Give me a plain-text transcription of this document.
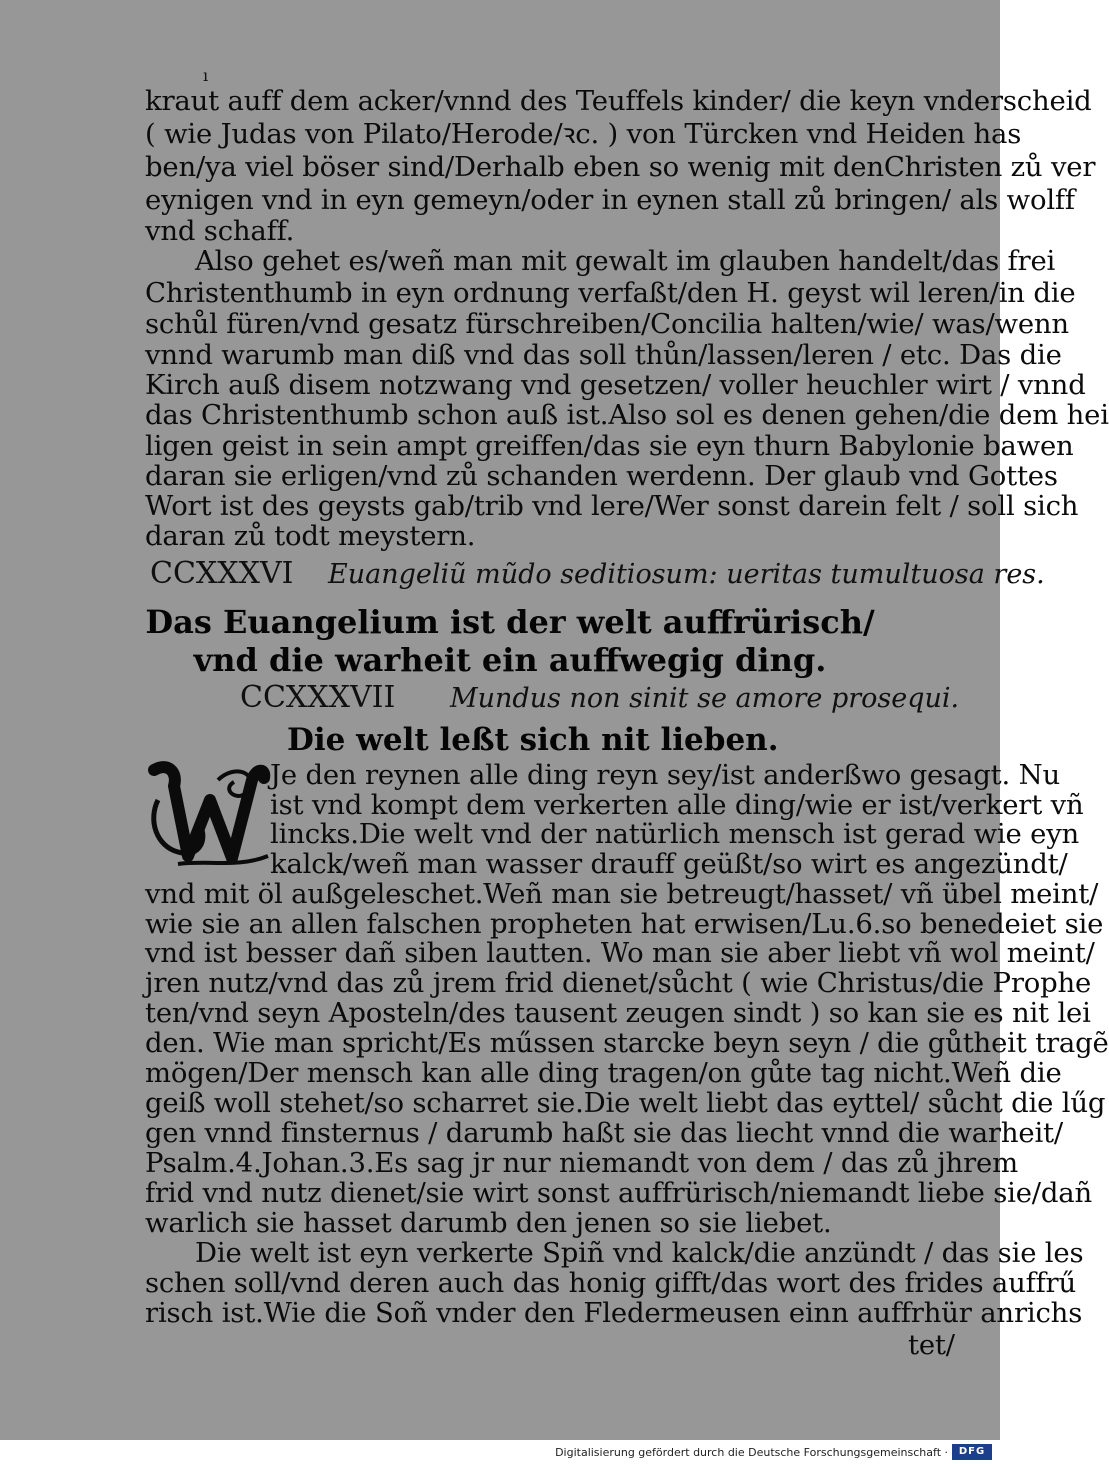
ı
kraut auff dem acker/vnnd des Teuffels kinder/ die keyn vnderscheid
( wie Judas von Pilato/Herode/ꝛc. ) von Türcken vnd Heiden has
ben/ya viel böser sind/Derhalb eben so wenig mit denChristen zů ver
eynigen vnd in eyn gemeyn/oder in eynen stall zů bringen/ als wolff
vnd schaff.
Also gehet es/weñ man mit gewalt im glauben handelt/das frei
Christenthumb in eyn ordnung verfaßt/den H. geyst wil leren/in die
schůl füren/vnd gesatz fürschreiben/Concilia halten/wie/ was/wenn
vnnd warumb man diß vnd das soll thůn/lassen/leren / etc. Das die
Kirch auß disem notzwang vnd gesetzen/ voller heuchler wirt / vnnd
das Christenthumb schon auß ist.Also sol es denen gehen/die dem hei
ligen geist in sein ampt greiffen/das sie eyn thurn Babylonie bawen
daran sie erligen/vnd zů schanden werdenn. Der glaub vnd Gottes
Wort ist des geysts gab/trib vnd lere/Wer sonst darein felt / soll sich
daran zů todt meystern.
CCXXXVI Euangeliũ mũdo seditiosum: ueritas tumultuosa res.
Das Euangelium ist der welt auffrürisch/
vnd die warheit ein auffwegig ding.
CCXXXVII Mundus non sinit se amore prosequi.
Die welt leßt sich nit lieben.
Je den reynen alle ding reyn sey/ist anderßwo gesagt. Nu
ist vnd kompt dem verkerten alle ding/wie er ist/verkert vñ
lincks.Die welt vnd der natürlich mensch ist gerad wie eyn
kalck/weñ man wasser drauff geüßt/so wirt es angezündt/
vnd mit öl außgeleschet.Weñ man sie betreugt/hasset/ vñ übel meint/
wie sie an allen falschen propheten hat erwisen/Lu.6.so benedeiet sie
vnd ist besser dañ siben lautten. Wo man sie aber liebt vñ wol meint/
jren nutz/vnd das zů jrem frid dienet/sůcht ( wie Christus/die Prophe
ten/vnd seyn Aposteln/des tausent zeugen sindt ) so kan sie es nit lei
den. Wie man spricht/Es műssen starcke beyn seyn / die gůtheit tragẽ
mögen/Der mensch kan alle ding tragen/on gůte tag nicht.Weñ die
geiß woll stehet/so scharret sie.Die welt liebt das eyttel/ sůcht die lűg
gen vnnd finsternus / darumb haßt sie das liecht vnnd die warheit/
Psalm.4.Johan.3.Es sag jr nur niemandt von dem / das zů jhrem
frid vnd nutz dienet/sie wirt sonst auffrürisch/niemandt liebe sie/dañ
warlich sie hasset darumb den jenen so sie liebet.
Die welt ist eyn verkerte Spiñ vnd kalck/die anzündt / das sie les
schen soll/vnd deren auch das honig gifft/das wort des frides auffrű
risch ist.Wie die Soñ vnder den Fledermeusen einn auffrhür anrichs
tet/
Digitalisierung gefördert durch die Deutsche Forschungsgemeinschaft ·	DFG
